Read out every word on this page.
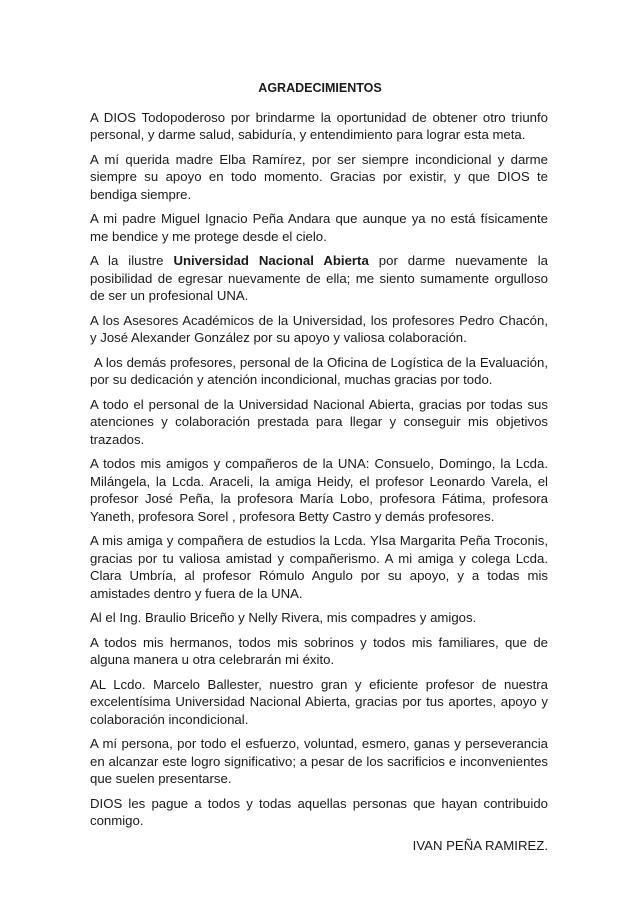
AGRADECIMIENTOS

A DIOS Todopoderoso por brindarme la oportunidad de obtener otro triunfo personal, y darme salud, sabiduría, y entendimiento para lograr esta meta.

A mí querida madre Elba Ramírez, por ser siempre incondicional y darme siempre su apoyo en todo momento. Gracias por existir, y que DIOS te bendiga siempre.

A mi padre Miguel Ignacio Peña Andara que aunque ya no está físicamente me bendice y me protege desde el cielo.

A la ilustre Universidad Nacional Abierta por darme nuevamente la posibilidad de egresar nuevamente de ella; me siento sumamente orgulloso de ser un profesional UNA.

A los Asesores Académicos de la Universidad, los profesores Pedro Chacón, y José Alexander González por su apoyo y valiosa colaboración.

A los demás profesores, personal de la Oficina de Logística de la Evaluación, por su dedicación y atención incondicional, muchas gracias por todo.

A todo el personal de la Universidad Nacional Abierta, gracias por todas sus atenciones y colaboración prestada para llegar y conseguir mis objetivos trazados.

A todos mis amigos y compañeros de la UNA: Consuelo, Domingo, la Lcda. Milángela, la Lcda. Araceli, la amiga Heidy, el profesor Leonardo Varela, el profesor José Peña, la profesora María Lobo, profesora Fátima, profesora Yaneth, profesora Sorel , profesora Betty Castro y demás profesores.

A mis amiga y compañera de estudios la Lcda. Ylsa Margarita Peña Troconis, gracias por tu valiosa amistad y compañerismo. A mi amiga y colega Lcda. Clara Umbría, al profesor Rómulo Angulo por su apoyo, y a todas mis amistades dentro y fuera de la UNA.

Al el Ing. Braulio Briceño y Nelly Rivera, mis compadres y amigos.

A todos mis hermanos, todos mis sobrinos y todos mis familiares, que de alguna manera u otra celebrarán mi éxito.

AL Lcdo. Marcelo Ballester, nuestro gran y eficiente profesor de nuestra excelentísima Universidad Nacional Abierta, gracias por tus aportes, apoyo y colaboración incondicional.

A mí persona, por todo el esfuerzo, voluntad, esmero, ganas y perseverancia en alcanzar este logro significativo; a pesar de los sacrificios e inconvenientes que suelen presentarse.

DIOS les pague a todos y todas aquellas personas que hayan contribuido conmigo.

IVAN PEÑA RAMIREZ.
